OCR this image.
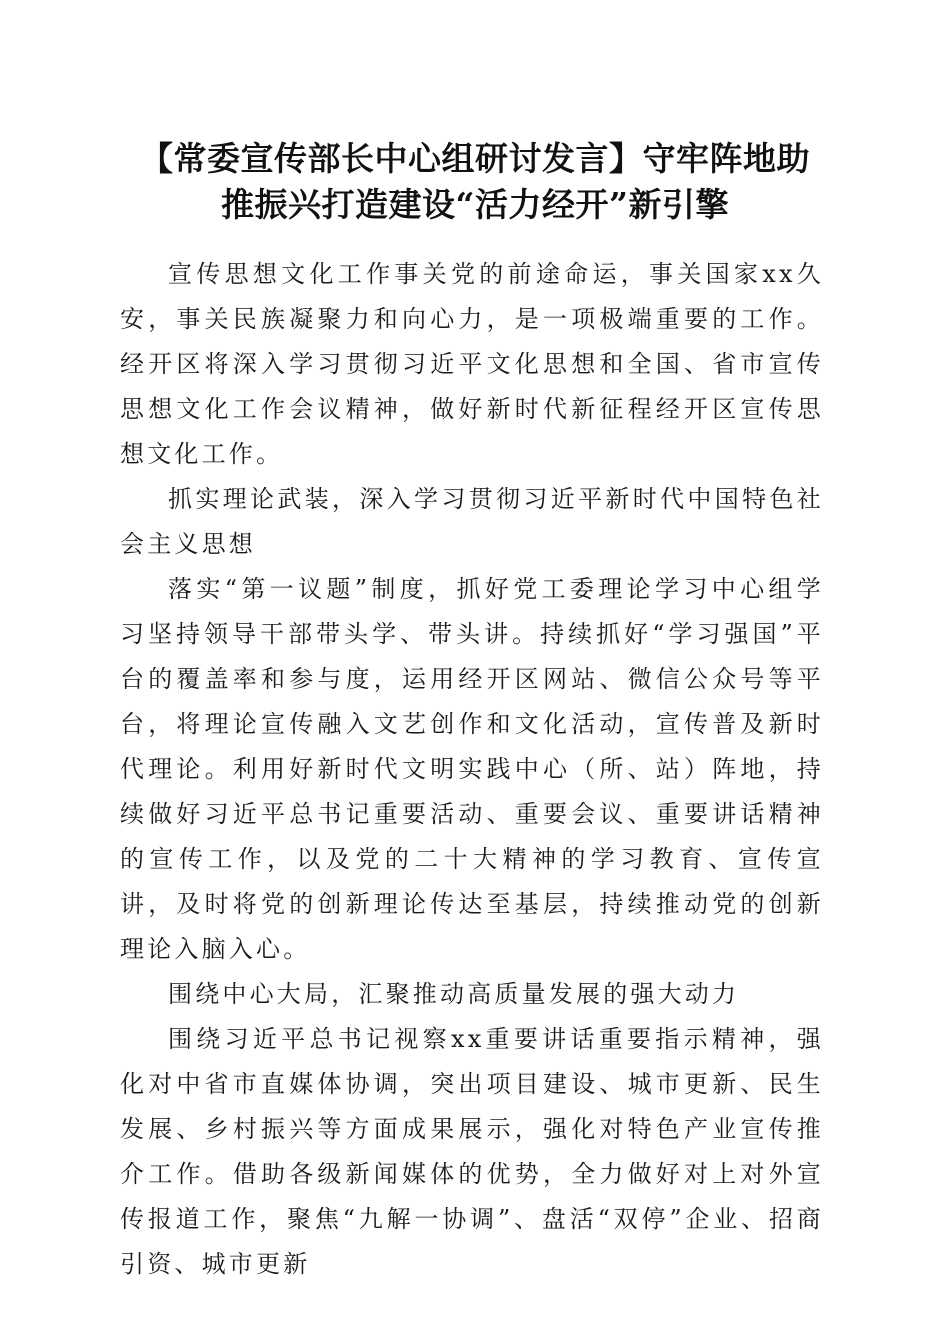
【常委宣传部长中心组研讨发言】守牢阵地助
推振兴打造建设“活力经开”新引擎

宣传思想文化工作事关党的前途命运，事关国家xx久安，事关民族凝聚力和向心力，是一项极端重要的工作。经开区将深入学习贯彻习近平文化思想和全国、省市宣传思想文化工作会议精神，做好新时代新征程经开区宣传思想文化工作。

抓实理论武装，深入学习贯彻习近平新时代中国特色社会主义思想

落实“第一议题”制度，抓好党工委理论学习中心组学习坚持领导干部带头学、带头讲。持续抓好“学习强国”平台的覆盖率和参与度，运用经开区网站、微信公众号等平台，将理论宣传融入文艺创作和文化活动，宣传普及新时代理论。利用好新时代文明实践中心（所、站）阵地，持续做好习近平总书记重要活动、重要会议、重要讲话精神的宣传工作，以及党的二十大精神的学习教育、宣传宣讲，及时将党的创新理论传达至基层，持续推动党的创新理论入脑入心。

围绕中心大局，汇聚推动高质量发展的强大动力

围绕习近平总书记视察xx重要讲话重要指示精神，强化对中省市直媒体协调，突出项目建设、城市更新、民生发展、乡村振兴等方面成果展示，强化对特色产业宣传推介工作。借助各级新闻媒体的优势，全力做好对上对外宣传报道工作，聚焦“九解一协调”、盘活“双停”企业、招商引资、城市更新
